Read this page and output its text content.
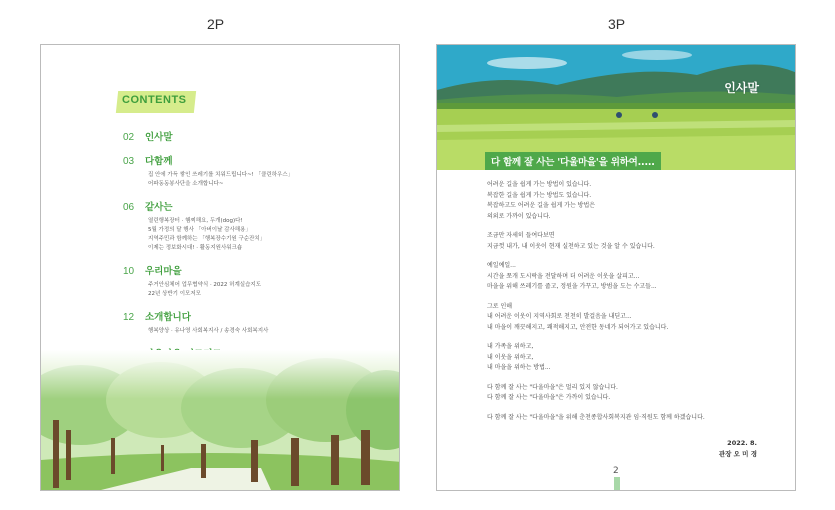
2P	3P
CONTENTS
02	인사말
03	다함께
집 안에 가득 쌓인 쓰레기를 치워드립니다~! 「클린하우스」
어파동동봉사단을 소개합니다~
06	같사는
열린행복장터 · 햄찌해요, 두개(dog)다!
5월 가정의 달 행사 「아버이날 감사해용」
지역주민과 함께하는 「행복장수기원 구순잔치」
이제는 정보화시대! · 활동지원사워크숍
10	우리마을
주거안심체어 업무협약식 · 2022 허계실습지도
22년 상반기 이모저모
12	소개합니다
행복양상 · 유나영 사회복지사 / 송경숙 사회복지사
인사말
다 함께 잘 사는 '다울마을'을 위하여.....
어려운 길을 쉽게 가는 방법이 있습니다.
복잡한 길을 쉽게 가는 방법도 있습니다.
복잡하고도 어려운 길을 쉽게 가는 방법은
의외로 가까이 있습니다.
조금만 자세히 들여다보면
지금껏 내가, 내 이웃이 현재 실천하고 있는 것을 알 수 있습니다.
예일예일...
시간을 쪼개 도시락을 전달하며 더 어려운 이웃을 살피고...
마을을 위해 쓰레기를 줍고, 정원을 가꾸고, 방범을 도는 수고들...
그로 인해
내 어려운 이웃이 지역사회로 천천히 발걸음을 내딛고...
내 마을이 깨끗해지고, 쾌적해지고, 안전한 동네가 되어가고 있습니다.
내 가족을 위하고,
내 이웃을 위하고,
내 마을을 위하는 방법...
다 함께 잘 사는 "다울마을"은 멀리 있지 않습니다.
다 함께 잘 사는 "다울마을"은 가까이 있습니다.
다 함께 잘 사는 "다울마을"을 위해 춘천종합사회복지관 임·직원도 함께 하겠습니다.
2022. 8.
관장 오 미 경
2
